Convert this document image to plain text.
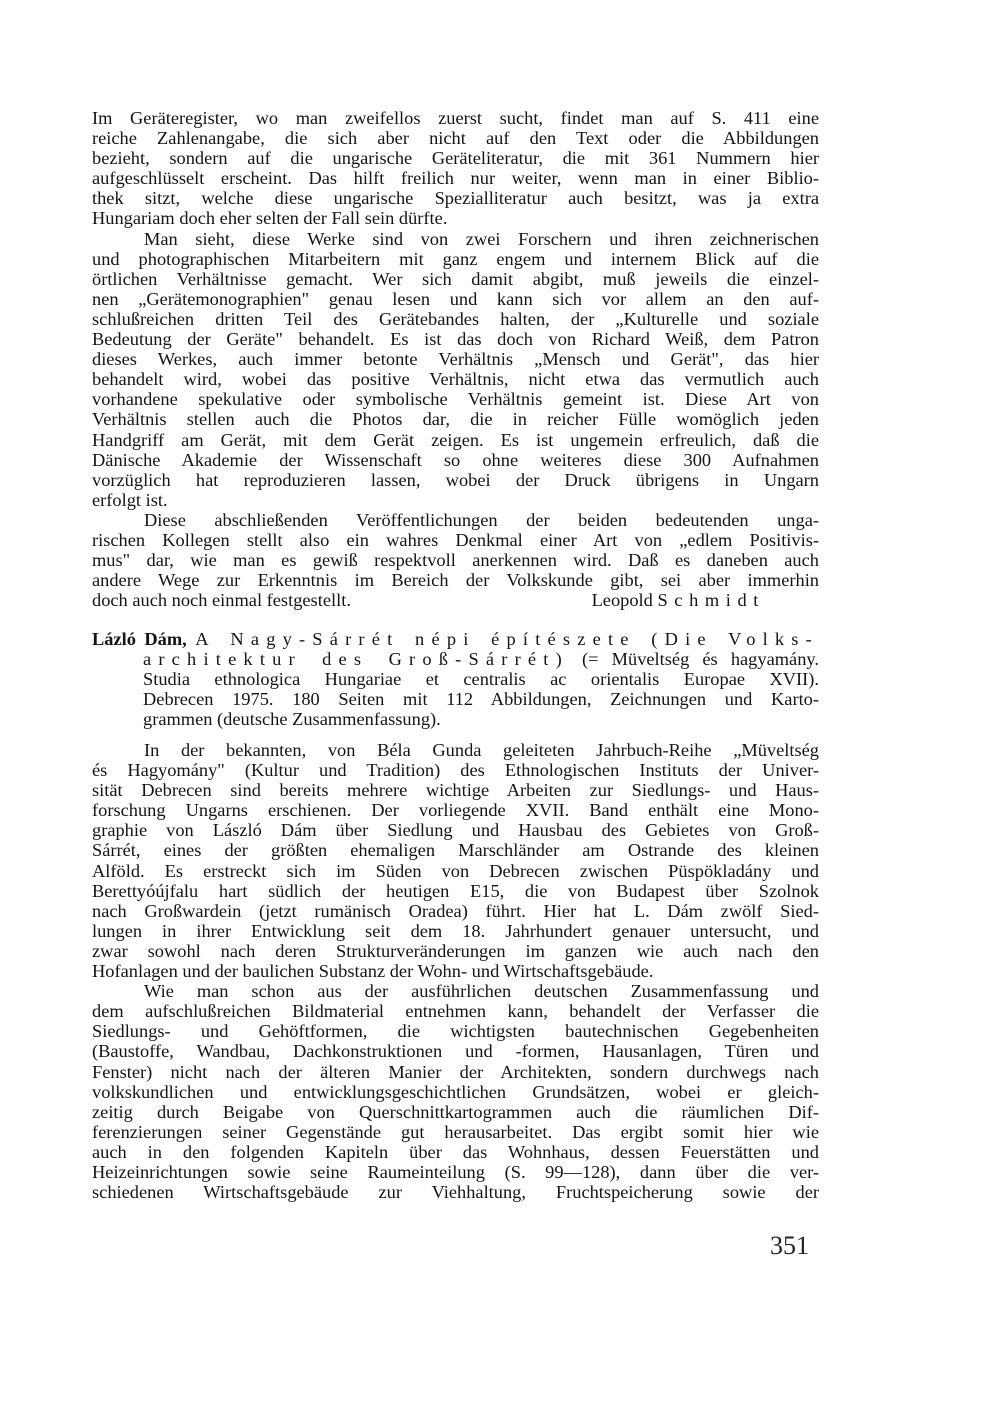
Im Geräteregister, wo man zweifellos zuerst sucht, findet man auf S. 411 eine
reiche Zahlenangabe, die sich aber nicht auf den Text oder die Abbildungen
bezieht, sondern auf die ungarische Geräteliteratur, die mit 361 Nummern hier
aufgeschlüsselt erscheint. Das hilft freilich nur weiter, wenn man in einer Biblio-
thek sitzt, welche diese ungarische Spezialliteratur auch besitzt, was ja extra
Hungariam doch eher selten der Fall sein dürfte.
Man sieht, diese Werke sind von zwei Forschern und ihren zeichnerischen
und photographischen Mitarbeitern mit ganz engem und internem Blick auf die
örtlichen Verhältnisse gemacht. Wer sich damit abgibt, muß jeweils die einzel-
nen „Gerätemonographien" genau lesen und kann sich vor allem an den auf-
schlußreichen dritten Teil des Gerätebandes halten, der „Kulturelle und soziale
Bedeutung der Geräte" behandelt. Es ist das doch von Richard Weiß, dem Patron
dieses Werkes, auch immer betonte Verhältnis „Mensch und Gerät", das hier
behandelt wird, wobei das positive Verhältnis, nicht etwa das vermutlich auch
vorhandene spekulative oder symbolische Verhältnis gemeint ist. Diese Art von
Verhältnis stellen auch die Photos dar, die in reicher Fülle womöglich jeden
Handgriff am Gerät, mit dem Gerät zeigen. Es ist ungemein erfreulich, daß die
Dänische Akademie der Wissenschaft so ohne weiteres diese 300 Aufnahmen
vorzüglich hat reproduzieren lassen, wobei der Druck übrigens in Ungarn
erfolgt ist.
Diese abschließenden Veröffentlichungen der beiden bedeutenden unga-
rischen Kollegen stellt also ein wahres Denkmal einer Art von „edlem Positivis-
mus" dar, wie man es gewiß respektvoll anerkennen wird. Daß es daneben auch
andere Wege zur Erkenntnis im Bereich der Volkskunde gibt, sei aber immerhin
doch auch noch einmal festgestellt.	Leopold Schmidt
Lázló Dám, A Nagy-Sárrét népi építészete (Die Volks-
architektur des Groß-Sárrét) (= Müveltség és hagyamány.
Studia ethnologica Hungariae et centralis ac orientalis Europae XVII).
Debrecen 1975. 180 Seiten mit 112 Abbildungen, Zeichnungen und Karto-
grammen (deutsche Zusammenfassung).
In der bekannten, von Béla Gunda geleiteten Jahrbuch-Reihe „Müveltség
és Hagyomány" (Kultur und Tradition) des Ethnologischen Instituts der Univer-
sität Debrecen sind bereits mehrere wichtige Arbeiten zur Siedlungs- und Haus-
forschung Ungarns erschienen. Der vorliegende XVII. Band enthält eine Mono-
graphie von László Dám über Siedlung und Hausbau des Gebietes von Groß-
Sárrét, eines der größten ehemaligen Marschländer am Ostrande des kleinen
Alföld. Es erstreckt sich im Süden von Debrecen zwischen Püspökladány und
Berettyóújfalu hart südlich der heutigen E15, die von Budapest über Szolnok
nach Großwardein (jetzt rumänisch Oradea) führt. Hier hat L. Dám zwölf Sied-
lungen in ihrer Entwicklung seit dem 18. Jahrhundert genauer untersucht, und
zwar sowohl nach deren Strukturveränderungen im ganzen wie auch nach den
Hofanlagen und der baulichen Substanz der Wohn- und Wirtschaftsgebäude.
Wie man schon aus der ausführlichen deutschen Zusammenfassung und
dem aufschlußreichen Bildmaterial entnehmen kann, behandelt der Verfasser die
Siedlungs- und Gehöftformen, die wichtigsten bautechnischen Gegebenheiten
(Baustoffe, Wandbau, Dachkonstruktionen und -formen, Hausanlagen, Türen und
Fenster) nicht nach der älteren Manier der Architekten, sondern durchwegs nach
volkskundlichen und entwicklungsgeschichtlichen Grundsätzen, wobei er gleich-
zeitig durch Beigabe von Querschnittkartogrammen auch die räumlichen Dif-
ferenzierungen seiner Gegenstände gut herausarbeitet. Das ergibt somit hier wie
auch in den folgenden Kapiteln über das Wohnhaus, dessen Feuerstätten und
Heizeinrichtungen sowie seine Raumeinteilung (S. 99—128), dann über die ver-
schiedenen Wirtschaftsgebäude zur Viehhaltung, Fruchtspeicherung sowie der
351
